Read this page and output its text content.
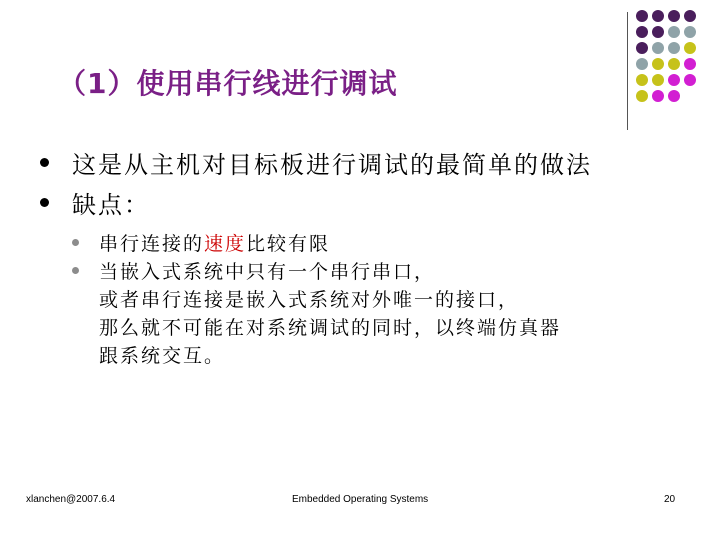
（1）使用串行线进行调试
这是从主机对目标板进行调试的最简单的做法
缺点：
串行连接的速度比较有限
当嵌入式系统中只有一个串行串口，
或者串行连接是嵌入式系统对外唯一的接口，
那么就不可能在对系统调试的同时，以终端仿真器
跟系统交互。
xlanchen@2007.6.4	Embedded Operating Systems	20
